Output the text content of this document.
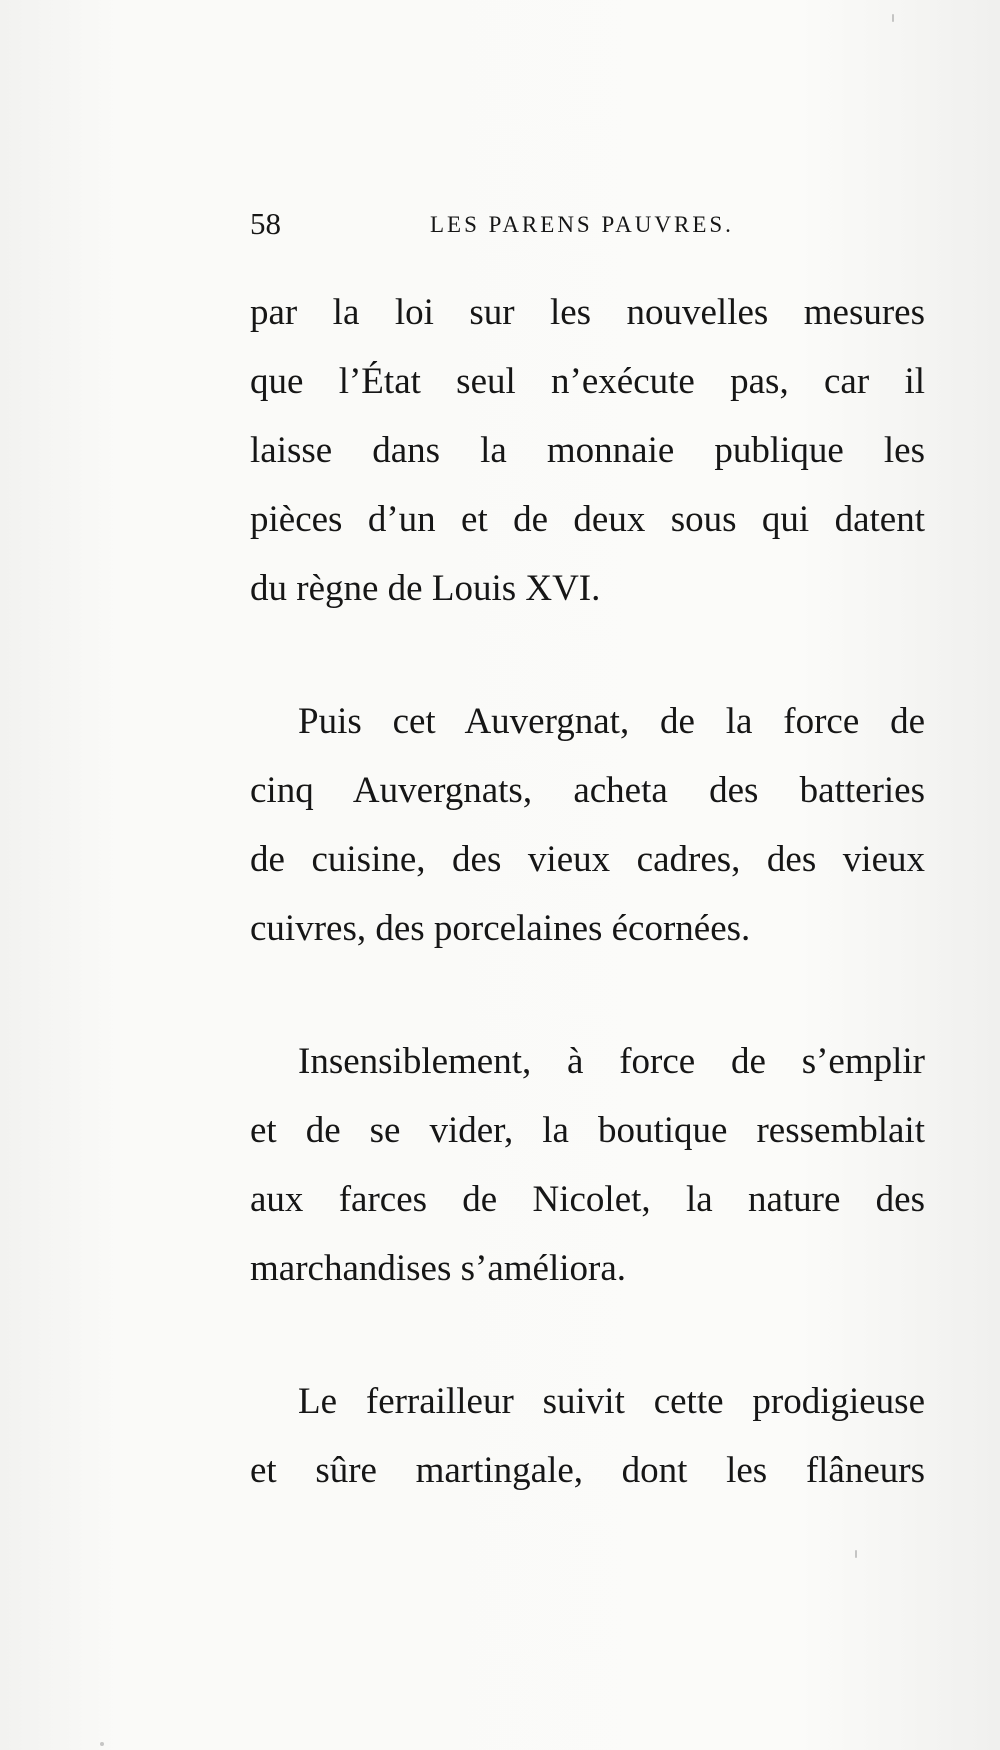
58	LES PARENS PAUVRES.
par la loi sur les nouvelles mesures
que l’État seul n’exécute pas, car il
laisse dans la monnaie publique les
pièces d’un et de deux sous qui datent
du règne de Louis XVI.
Puis cet Auvergnat, de la force de
cinq Auvergnats, acheta des batteries
de cuisine, des vieux cadres, des vieux
cuivres, des porcelaines écornées.
Insensiblement, à force de s’emplir
et de se vider, la boutique ressemblait
aux farces de Nicolet, la nature des
marchandises s’améliora.
Le ferrailleur suivit cette prodigieuse
et sûre martingale, dont les flâneurs
